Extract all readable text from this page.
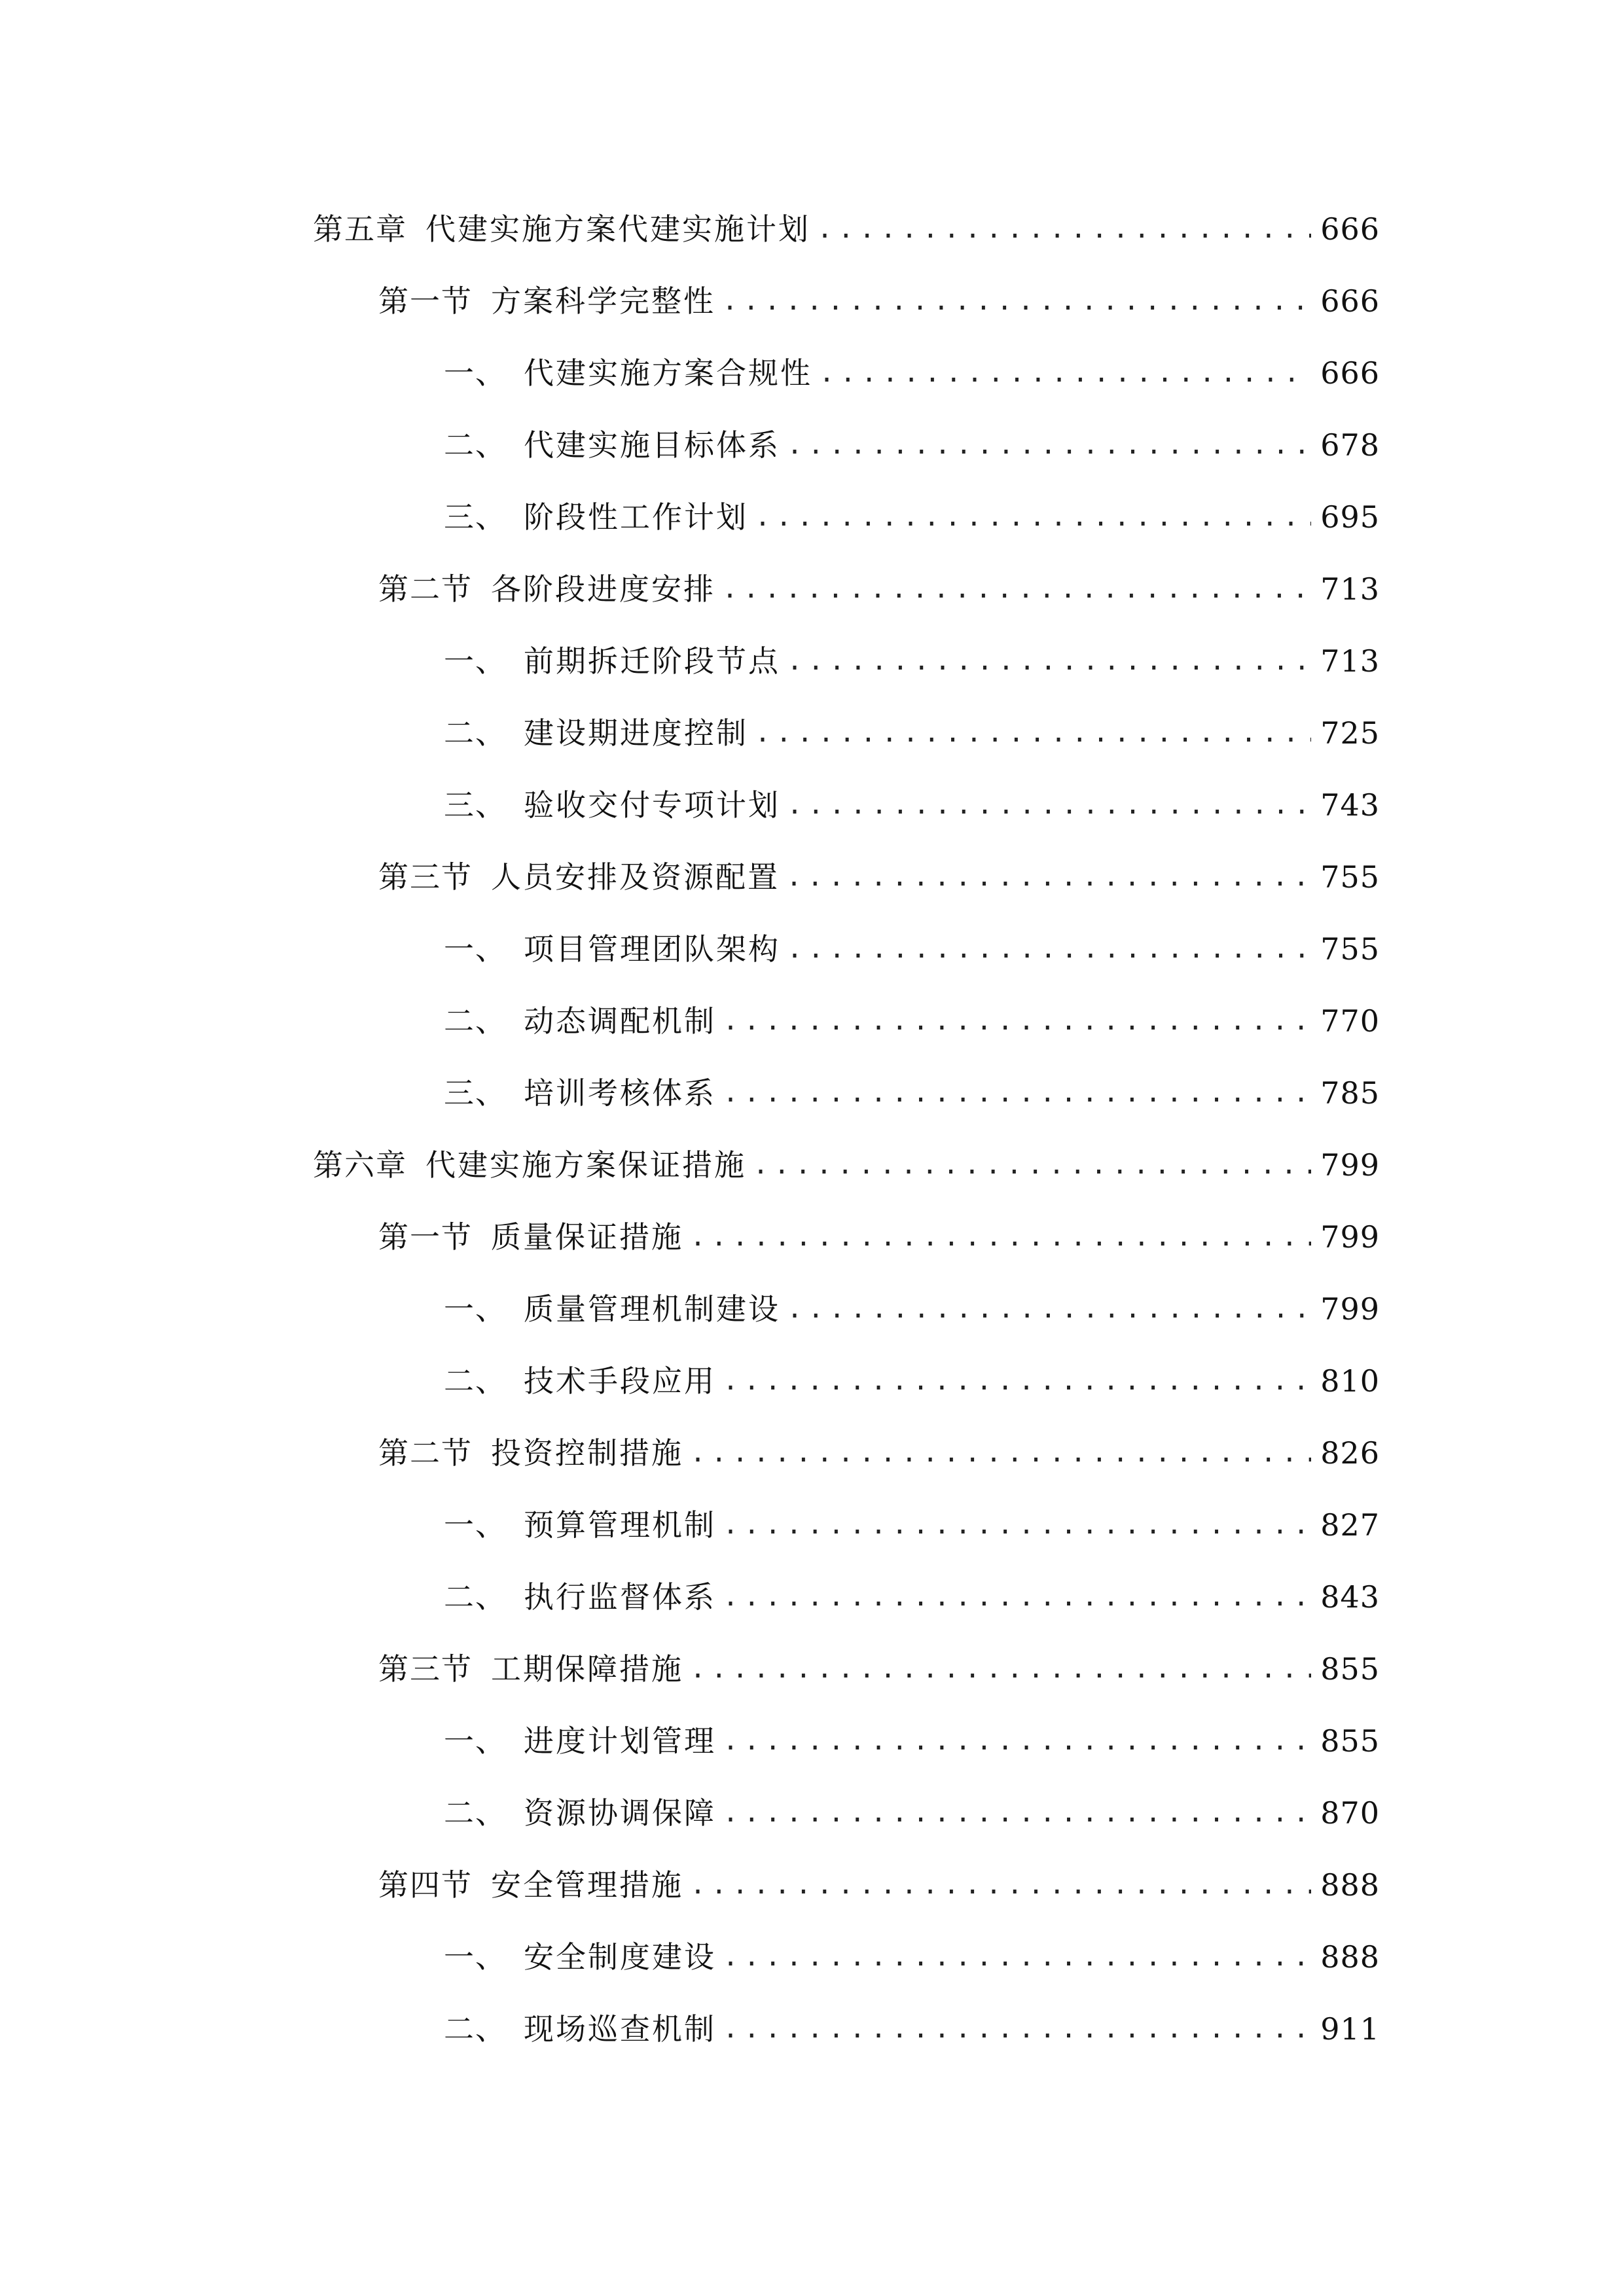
第五章 代建实施方案代建实施计划 .....	666
第一节 方案科学完整性 .....	666
一、 代建实施方案合规性 .....	666
二、 代建实施目标体系 .....	678
三、 阶段性工作计划 .....	695
第二节 各阶段进度安排 .....	713
一、 前期拆迁阶段节点 .....	713
二、 建设期进度控制 .....	725
三、 验收交付专项计划 .....	743
第三节 人员安排及资源配置 .....	755
一、 项目管理团队架构 .....	755
二、 动态调配机制 .....	770
三、 培训考核体系 .....	785
第六章 代建实施方案保证措施 .....	799
第一节 质量保证措施 .....	799
一、 质量管理机制建设 .....	799
二、 技术手段应用 .....	810
第二节 投资控制措施 .....	826
一、 预算管理机制 .....	827
二、 执行监督体系 .....	843
第三节 工期保障措施 .....	855
一、 进度计划管理 .....	855
二、 资源协调保障 .....	870
第四节 安全管理措施 .....	888
一、 安全制度建设 .....	888
二、 现场巡查机制 .....	911
